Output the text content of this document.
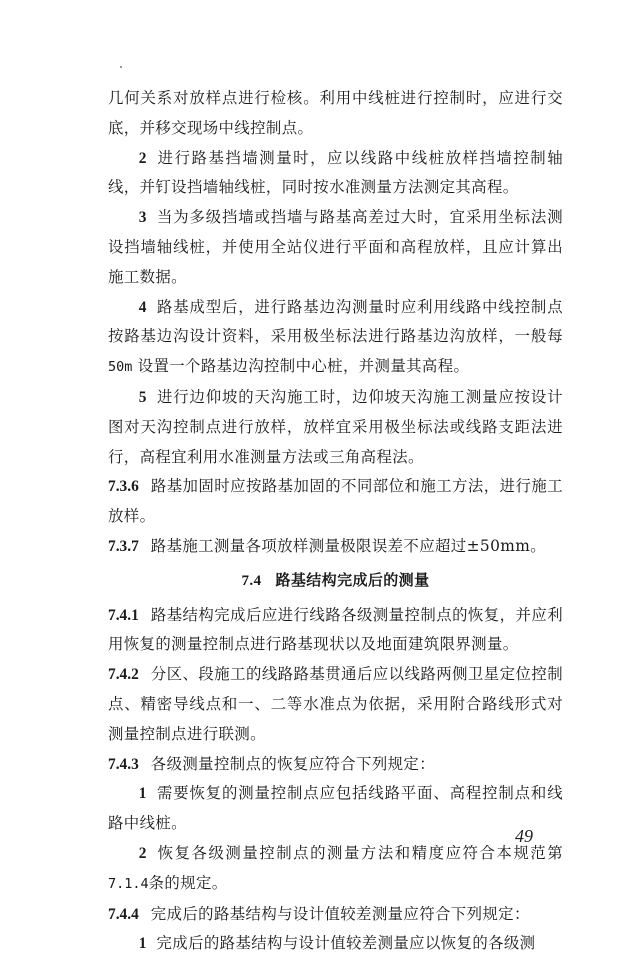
几何关系对放样点进行检核。利用中线桩进行控制时，应进行交底，并移交现场中线控制点。

2 进行路基挡墙测量时，应以线路中线桩放样挡墙控制轴线，并钉设挡墙轴线桩，同时按水准测量方法测定其高程。

3 当为多级挡墙或挡墙与路基高差过大时，宜采用坐标法测设挡墙轴线桩，并使用全站仪进行平面和高程放样，且应计算出施工数据。

4 路基成型后，进行路基边沟测量时应利用线路中线控制点按路基边沟设计资料，采用极坐标法进行路基边沟放样，一般每 50m 设置一个路基边沟控制中心桩，并测量其高程。

5 进行边仰坡的天沟施工时，边仰坡天沟施工测量应按设计图对天沟控制点进行放样，放样宜采用极坐标法或线路支距法进行，高程宜利用水准测量方法或三角高程法。

7.3.6 路基加固时应按路基加固的不同部位和施工方法，进行施工放样。

7.3.7 路基施工测量各项放样测量极限误差不应超过±50mm。

7.4 路基结构完成后的测量

7.4.1 路基结构完成后应进行线路各级测量控制点的恢复，并应利用恢复的测量控制点进行路基现状以及地面建筑限界测量。

7.4.2 分区、段施工的线路路基贯通后应以线路两侧卫星定位控制点、精密导线点和一、二等水准点为依据，采用附合路线形式对测量控制点进行联测。

7.4.3 各级测量控制点的恢复应符合下列规定：

1 需要恢复的测量控制点应包括线路平面、高程控制点和线路中线桩。

2 恢复各级测量控制点的测量方法和精度应符合本规范第7.1.4条的规定。

7.4.4 完成后的路基结构与设计值较差测量应符合下列规定：

1 完成后的路基结构与设计值较差测量应以恢复的各级测

49
